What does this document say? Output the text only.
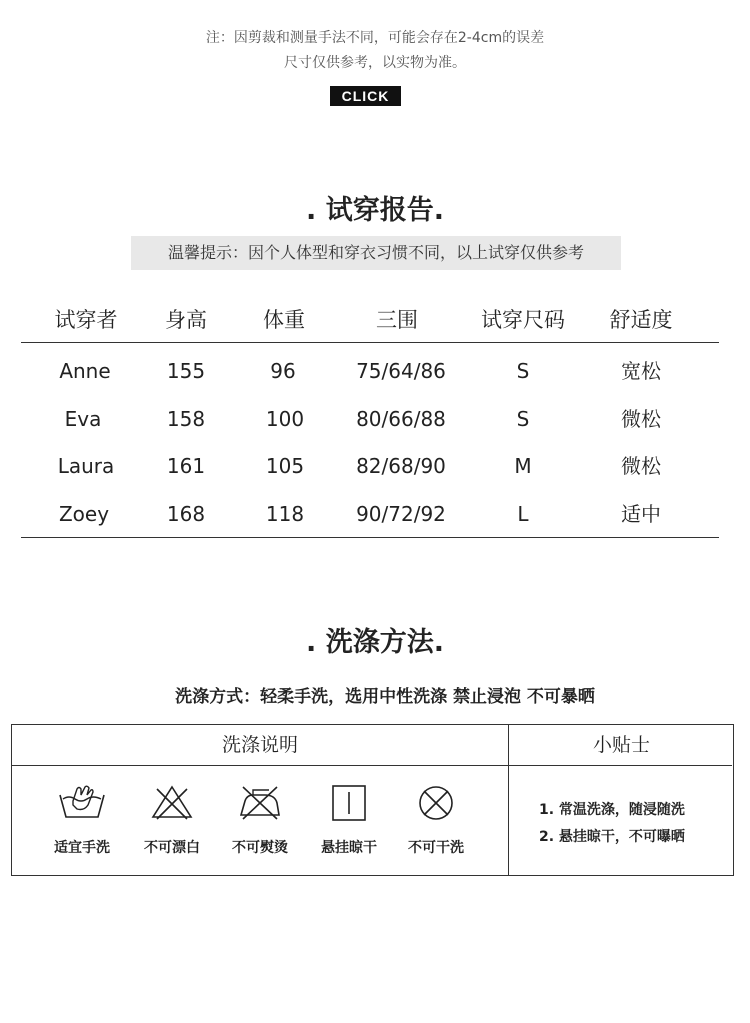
注：因剪裁和测量手法不同，可能会存在2-4cm的误差
尺寸仅供参考，以实物为准。
CLICK
. 试穿报告.
温馨提示：因个人体型和穿衣习惯不同，以上试穿仅供参考
试穿者	身高	体重	三围	试穿尺码	舒适度
Anne	155	96	75/64/86	S	宽松
Eva	158	100	80/66/88	S	微松
Laura	161	105	82/68/90	M	微松
Zoey	168	118	90/72/92	L	适中
. 洗涤方法.
洗涤方式：轻柔手洗，选用中性洗涤 禁止浸泡 不可暴晒
洗涤说明	小贴士
适宜手洗	不可漂白	不可熨烫	悬挂晾干	不可干洗
1. 常温洗涤，随浸随洗
2. 悬挂晾干，不可曝晒
